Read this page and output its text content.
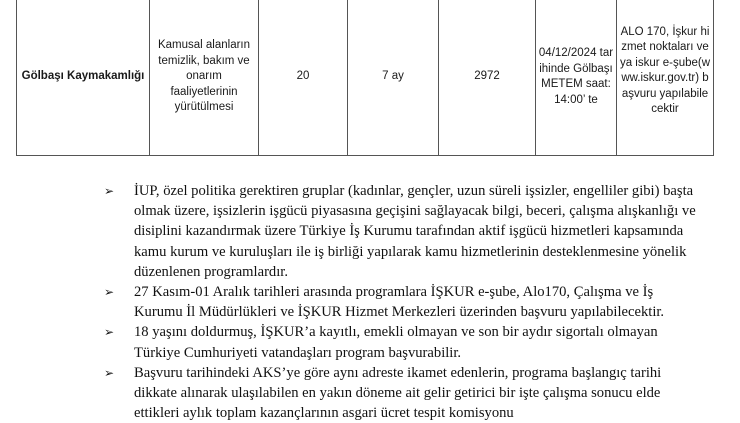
Gölbaşı Kaymakamlığı	Kamusal alanların temizlik, bakım ve onarım faaliyetlerinin yürütülmesi	20	7 ay	2972	04/12/2024 tarihinde Gölbaşı METEM saat: 14:00’ te	ALO 170, İşkur hizmet noktaları veya iskur e-şube(www.iskur.gov.tr) başvuru yapılabilecektir
➢	İUP, özel politika gerektiren gruplar (kadınlar, gençler, uzun süreli işsizler, engelliler gibi) başta olmak üzere, işsizlerin işgücü piyasasına geçişini sağlayacak bilgi, beceri, çalışma alışkanlığı ve disiplini kazandırmak üzere Türkiye İş Kurumu tarafından aktif işgücü hizmetleri kapsamında kamu kurum ve kuruluşları ile iş birliği yapılarak kamu hizmetlerinin desteklenmesine yönelik düzenlenen programlardır.
➢	27 Kasım-01 Aralık tarihleri arasında programlara İŞKUR e-şube, Alo170, Çalışma ve İş Kurumu İl Müdürlükleri ve İŞKUR Hizmet Merkezleri üzerinden başvuru yapılabilecektir.
➢	18 yaşını doldurmuş, İŞKUR’a kayıtlı, emekli olmayan ve son bir aydır sigortalı olmayan Türkiye Cumhuriyeti vatandaşları program başvurabilir.
➢	Başvuru tarihindeki AKS’ye göre aynı adreste ikamet edenlerin, programa başlangıç tarihi dikkate alınarak ulaşılabilen en yakın döneme ait gelir getirici bir işte çalışma sonucu elde ettikleri aylık toplam kazançlarının asgari ücret tespit komisyonu
